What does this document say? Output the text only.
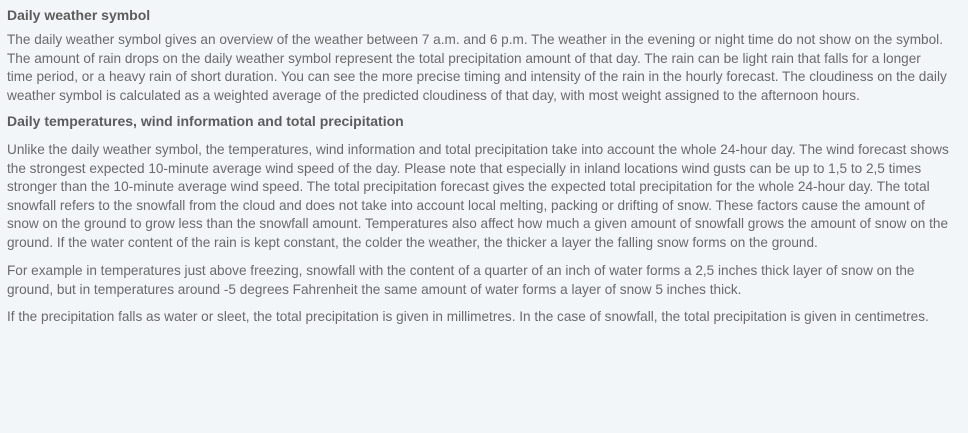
Daily weather symbol

The daily weather symbol gives an overview of the weather between 7 a.m. and 6 p.m. The weather in the evening or night time do not show on the symbol. The amount of rain drops on the daily weather symbol represent the total precipitation amount of that day. The rain can be light rain that falls for a longer time period, or a heavy rain of short duration. You can see the more precise timing and intensity of the rain in the hourly forecast. The cloudiness on the daily weather symbol is calculated as a weighted average of the predicted cloudiness of that day, with most weight assigned to the afternoon hours.

Daily temperatures, wind information and total precipitation

Unlike the daily weather symbol, the temperatures, wind information and total precipitation take into account the whole 24-hour day. The wind forecast shows the strongest expected 10-minute average wind speed of the day. Please note that especially in inland locations wind gusts can be up to 1,5 to 2,5 times stronger than the 10-minute average wind speed. The total precipitation forecast gives the expected total precipitation for the whole 24-hour day. The total snowfall refers to the snowfall from the cloud and does not take into account local melting, packing or drifting of snow. These factors cause the amount of snow on the ground to grow less than the snowfall amount. Temperatures also affect how much a given amount of snowfall grows the amount of snow on the ground. If the water content of the rain is kept constant, the colder the weather, the thicker a layer the falling snow forms on the ground.

For example in temperatures just above freezing, snowfall with the content of a quarter of an inch of water forms a 2,5 inches thick layer of snow on the ground, but in temperatures around -5 degrees Fahrenheit the same amount of water forms a layer of snow 5 inches thick.

If the precipitation falls as water or sleet, the total precipitation is given in millimetres. In the case of snowfall, the total precipitation is given in centimetres.
